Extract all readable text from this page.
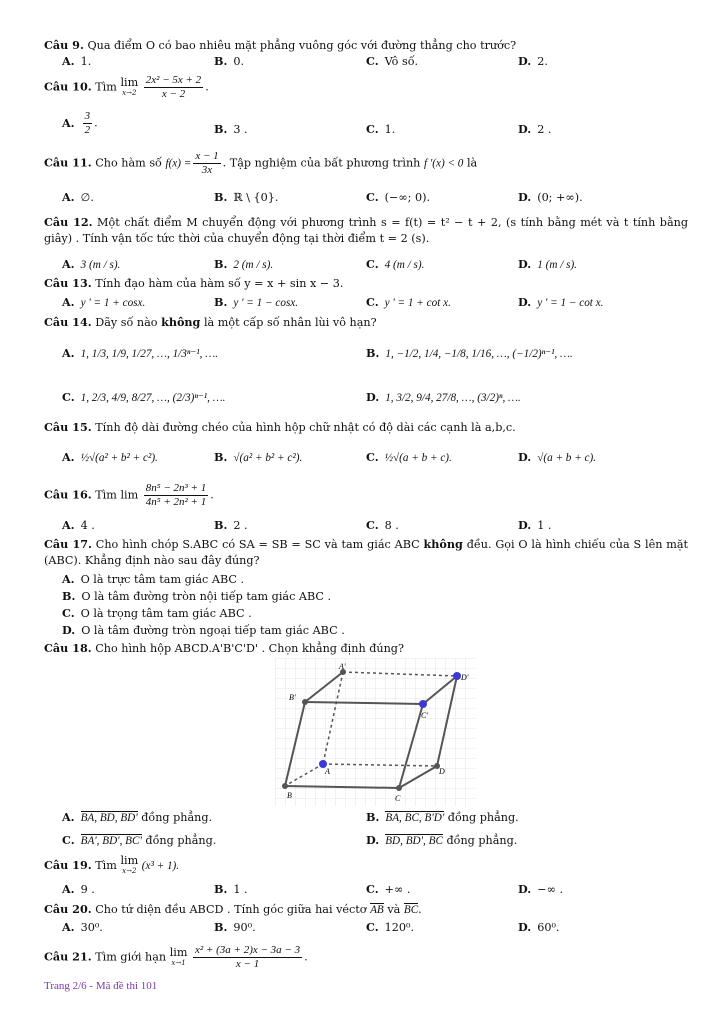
Câu 9. Qua điểm O có bao nhiêu mặt phẳng vuông góc với đường thẳng cho trước?
A. 1.	B. 0.	C. Vô số.	D. 2.
Câu 10. Tìm lim
x→2
$\frac{\text{2x² − 5x + 2}}{x - 2}$ .
A. $\frac{3}{2}$ .	B. 3 .	C. 1.	D. 2 .
Câu 11. Cho hàm số $f(x) = \frac{x - 1}{3x}$ . Tập nghiệm của bất phương trình f '(x) < 0 là
A. ∅.	B. ℝ \ {0}.	C. (−∞; 0).	D. (0; +∞).
Câu 12. Một chất điểm M chuyển động với phương trình s = f(t) = t² − t + 2, (s tính bằng mét và t tính bằng giây) . Tính vận tốc tức thời của chuyển động tại thời điểm t = 2 (s).
A. 3 (m / s).	B. 2 (m / s).	C. 4 (m / s).	D. 1 (m / s).
Câu 13. Tính đạo hàm của hàm số y = x + sin x − 3.
A. y ' = 1 + cosx.	B. y ' = 1 − cosx.	C. y ' = 1 + cot x.	D. y ' = 1 − cot x.
Câu 14. Dãy số nào không là một cấp số nhân lùi vô hạn?
A. 1, 1/3, 1/9, 1/27, …, 1/3ⁿ⁻¹, ….	B. 1, −1/2, 1/4, −1/8, 1/16, …, (−1/2)ⁿ⁻¹, ….
C. 1, 2/3, 4/9, 8/27, …, (2/3)ⁿ⁻¹, ….	D. 1, 3/2, 9/4, 27/8, …, (3/2)ⁿ, ….
Câu 15. Tính độ dài đường chéo của hình hộp chữ nhật có độ dài các cạnh là a,b,c.
A. ½√(a² + b² + c²).	B. √(a² + b² + c²).	C. ½√(a + b + c).	D. √(a + b + c).
Câu 16. Tìm $\lim \frac{\text{8n⁵ − 2n³ + 1}}{\text{4n⁵ + 2n² + 1}}$ .
A. 4 .	B. 2 .	C. 8 .	D. 1 .
Câu 17. Cho hình chóp S.ABC có SA = SB = SC và tam giác ABC không đều. Gọi O là hình chiếu của S lên mặt (ABC). Khẳng định nào sau đây đúng?
A. O là trực tâm tam giác ABC .
B. O là tâm đường tròn nội tiếp tam giác ABC .
C. O là trọng tâm tam giác ABC .
D. O là tâm đường tròn ngoại tiếp tam giác ABC .
Câu 18. Cho hình hộp ABCD.A'B'C'D' . Chọn khẳng định đúng?
A'
B'
C'
D'
A
B	C
D
A. BA, BD, BD' đồng phẳng.	B. BA, BC, B'D' đồng phẳng.
C. BA', BD', BC' đồng phẳng.	D. BD, BD', BC đồng phẳng.
Câu 19. Tìm lim
x→2 (x³ + 1).
A. 9 .	B. 1 .	C. +∞ .	D. −∞ .
Câu 20. Cho tứ diện đều ABCD . Tính góc giữa hai véctơ AB và BC.
A. 30⁰.	B. 90⁰.	C. 120⁰.	D. 60⁰.
Câu 21. Tìm giới hạn lim
x→1
$\frac{\text{x² + (3a + 2)x − 3a − 3}}{x - 1}$ .
Trang 2/6 - Mã đề thi 101
